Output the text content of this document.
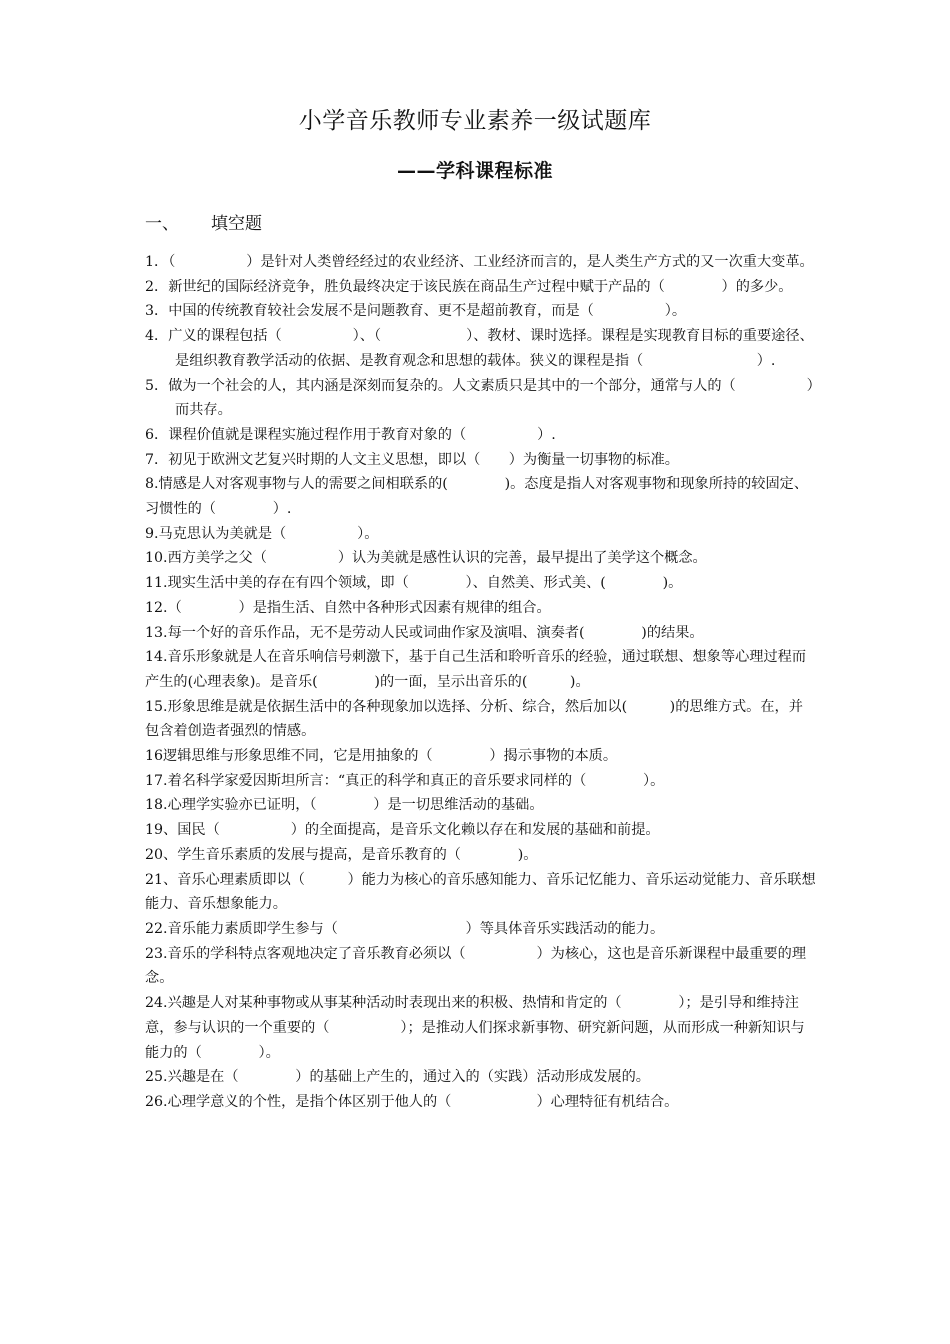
小学音乐教师专业素养一级试题库
——学科课程标准
一、 填空题

1．（　　　　　）是针对人类曾经经过的农业经济、工业经济而言的，是人类生产方式的又一次重大变革。

2．新世纪的国际经济竞争，胜负最终决定于该民族在商品生产过程中赋于产品的（　　　　）的多少。

3．中国的传统教育较社会发展不是问题教育、更不是超前教育，而是（　　　　　）。

4．广义的课程包括（　　　　　）、（　　　　　　）、教材、课时选择。课程是实现教育目标的重要途径、是组织教育教学活动的依据、是教育观念和思想的载体。狭义的课程是指（　　　　　　　　）.

5．做为一个社会的人，其内涵是深刻而复杂的。人文素质只是其中的一个部分，通常与人的（　　　　　）而共存。

6．课程价值就是课程实施过程作用于教育对象的（　　　　　）.

7．初见于欧洲文艺复兴时期的人文主义思想，即以（　　）为衡量一切事物的标准。

8.情感是人对客观事物与人的需要之间相联系的(　　　　)。态度是指人对客观事物和现象所持的较固定、习惯性的（　　　　）.

9.马克思认为美就是（　　　　　）。

10.西方美学之父（　　　　　）认为美就是感性认识的完善，最早提出了美学这个概念。

11.现实生活中美的存在有四个领域，即（　　　　）、自然美、形式美、(　　　　)。

12.（　　　　）是指生活、自然中各种形式因素有规律的组合。

13.每一个好的音乐作品，无不是劳动人民或词曲作家及演唱、演奏者(　　　　)的结果。

14.音乐形象就是人在音乐响信号刺激下，基于自己生活和聆听音乐的经验，通过联想、想象等心理过程而产生的(心理表象)。是音乐(　　　　)的一面，呈示出音乐的(　　　)。

15.形象思维是就是依据生活中的各种现象加以选择、分析、综合，然后加以(　　　)的思维方式。在，并包含着创造者强烈的情感。

16逻辑思维与形象思维不同，它是用抽象的（　　　　）揭示事物的本质。

17.着名科学家爱因斯坦所言：“真正的科学和真正的音乐要求同样的（　　　　）。

18.心理学实验亦已证明，（　　　　）是一切思维活动的基础。

19、国民（　　　　　）的全面提高，是音乐文化赖以存在和发展的基础和前提。

20、学生音乐素质的发展与提高，是音乐教育的（　　　　)。

21、音乐心理素质即以（　　　）能力为核心的音乐感知能力、音乐记忆能力、音乐运动觉能力、音乐联想能力、音乐想象能力。

22.音乐能力素质即学生参与（　　　　　　　　　）等具体音乐实践活动的能力。

23.音乐的学科特点客观地决定了音乐教育必须以（　　　　　）为核心，这也是音乐新课程中最重要的理念。

24.兴趣是人对某种事物或从事某种活动时表现出来的积极、热情和肯定的（　　　　）；是引导和维持注意，参与认识的一个重要的（　　　　　）；是推动人们探求新事物、研究新问题，从而形成一种新知识与能力的（　　　　）。

25.兴趣是在（　　　　）的基础上产生的，通过入的（实践）活动形成发展的。

26.心理学意义的个性，是指个体区别于他人的（　　　　　　）心理特征有机结合。
